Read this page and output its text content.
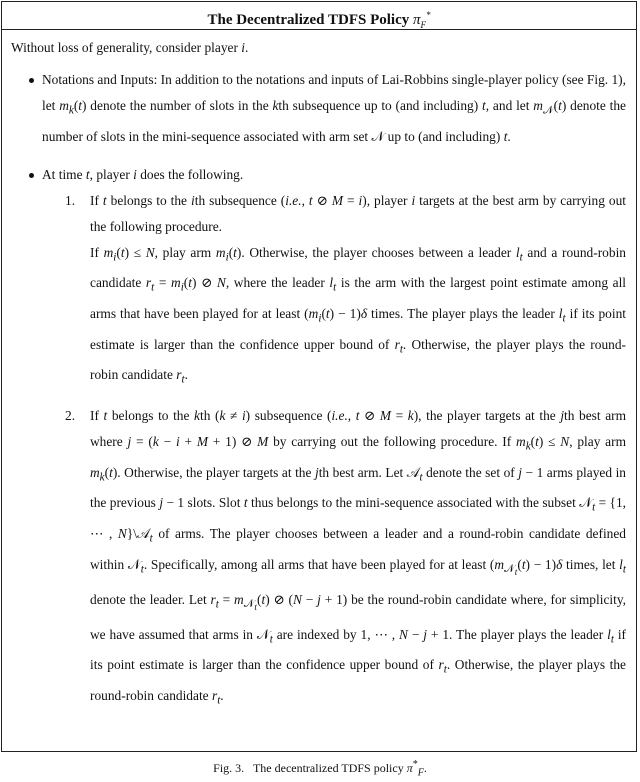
The Decentralized TDFS Policy $\pi_F^*$

Without loss of generality, consider player i.

Notations and Inputs: In addition to the notations and inputs of Lai-Robbins single-player policy (see Fig. 1), let $m_k(t)$ denote the number of slots in the kth subsequence up to (and including) t, and let $m_𝒩(t)$ denote the number of slots in the mini-sequence associated with arm set 𝒩 up to (and including) t.

At time t, player i does the following.

1. If t belongs to the ith subsequence (i.e., t ⊘ M = i), player i targets at the best arm by carrying out the following procedure.

If $m_i(t) \le N$, play arm $m_i(t)$. Otherwise, the player chooses between a leader $l_t$ and a round-robin candidate $r_t = m_i(t)$ ⊘ N, where the leader $l_t$ is the arm with the largest point estimate among all arms that have been played for at least $(m_i(t) - 1)\delta$ times. The player plays the leader $l_t$ if its point estimate is larger than the confidence upper bound of $r_t$. Otherwise, the player plays the round-robin candidate $r_t$.

2. If t belongs to the kth (k ≠ i) subsequence (i.e., t ⊘ M = k), the player targets at the jth best arm where j = (k − i + M + 1) ⊘ M by carrying out the following procedure. If $m_k(t) \le N$, play arm $m_k(t)$. Otherwise, the player targets at the jth best arm. Let 𝒜$_t$ denote the set of j − 1 arms played in the previous j − 1 slots. Slot t thus belongs to the mini-sequence associated with the subset 𝒩$_t$ = {1, ⋯ , N}\𝒜$_t$ of arms. The player chooses between a leader and a round-robin candidate defined within 𝒩$_t$. Specifically, among all arms that have been played for at least $(m_{𝒩_t}(t) - 1)\delta$ times, let $l_t$ denote the leader. Let $r_t = m_{𝒩_t}(t)$ ⊘ (N − j + 1) be the round-robin candidate where, for simplicity, we have assumed that arms in 𝒩$_t$ are indexed by 1, ⋯ , N − j + 1. The player plays the leader $l_t$ if its point estimate is larger than the confidence upper bound of $r_t$. Otherwise, the player plays the round-robin candidate $r_t$.

Fig. 3.   The decentralized TDFS policy $\pi^*_F$.
